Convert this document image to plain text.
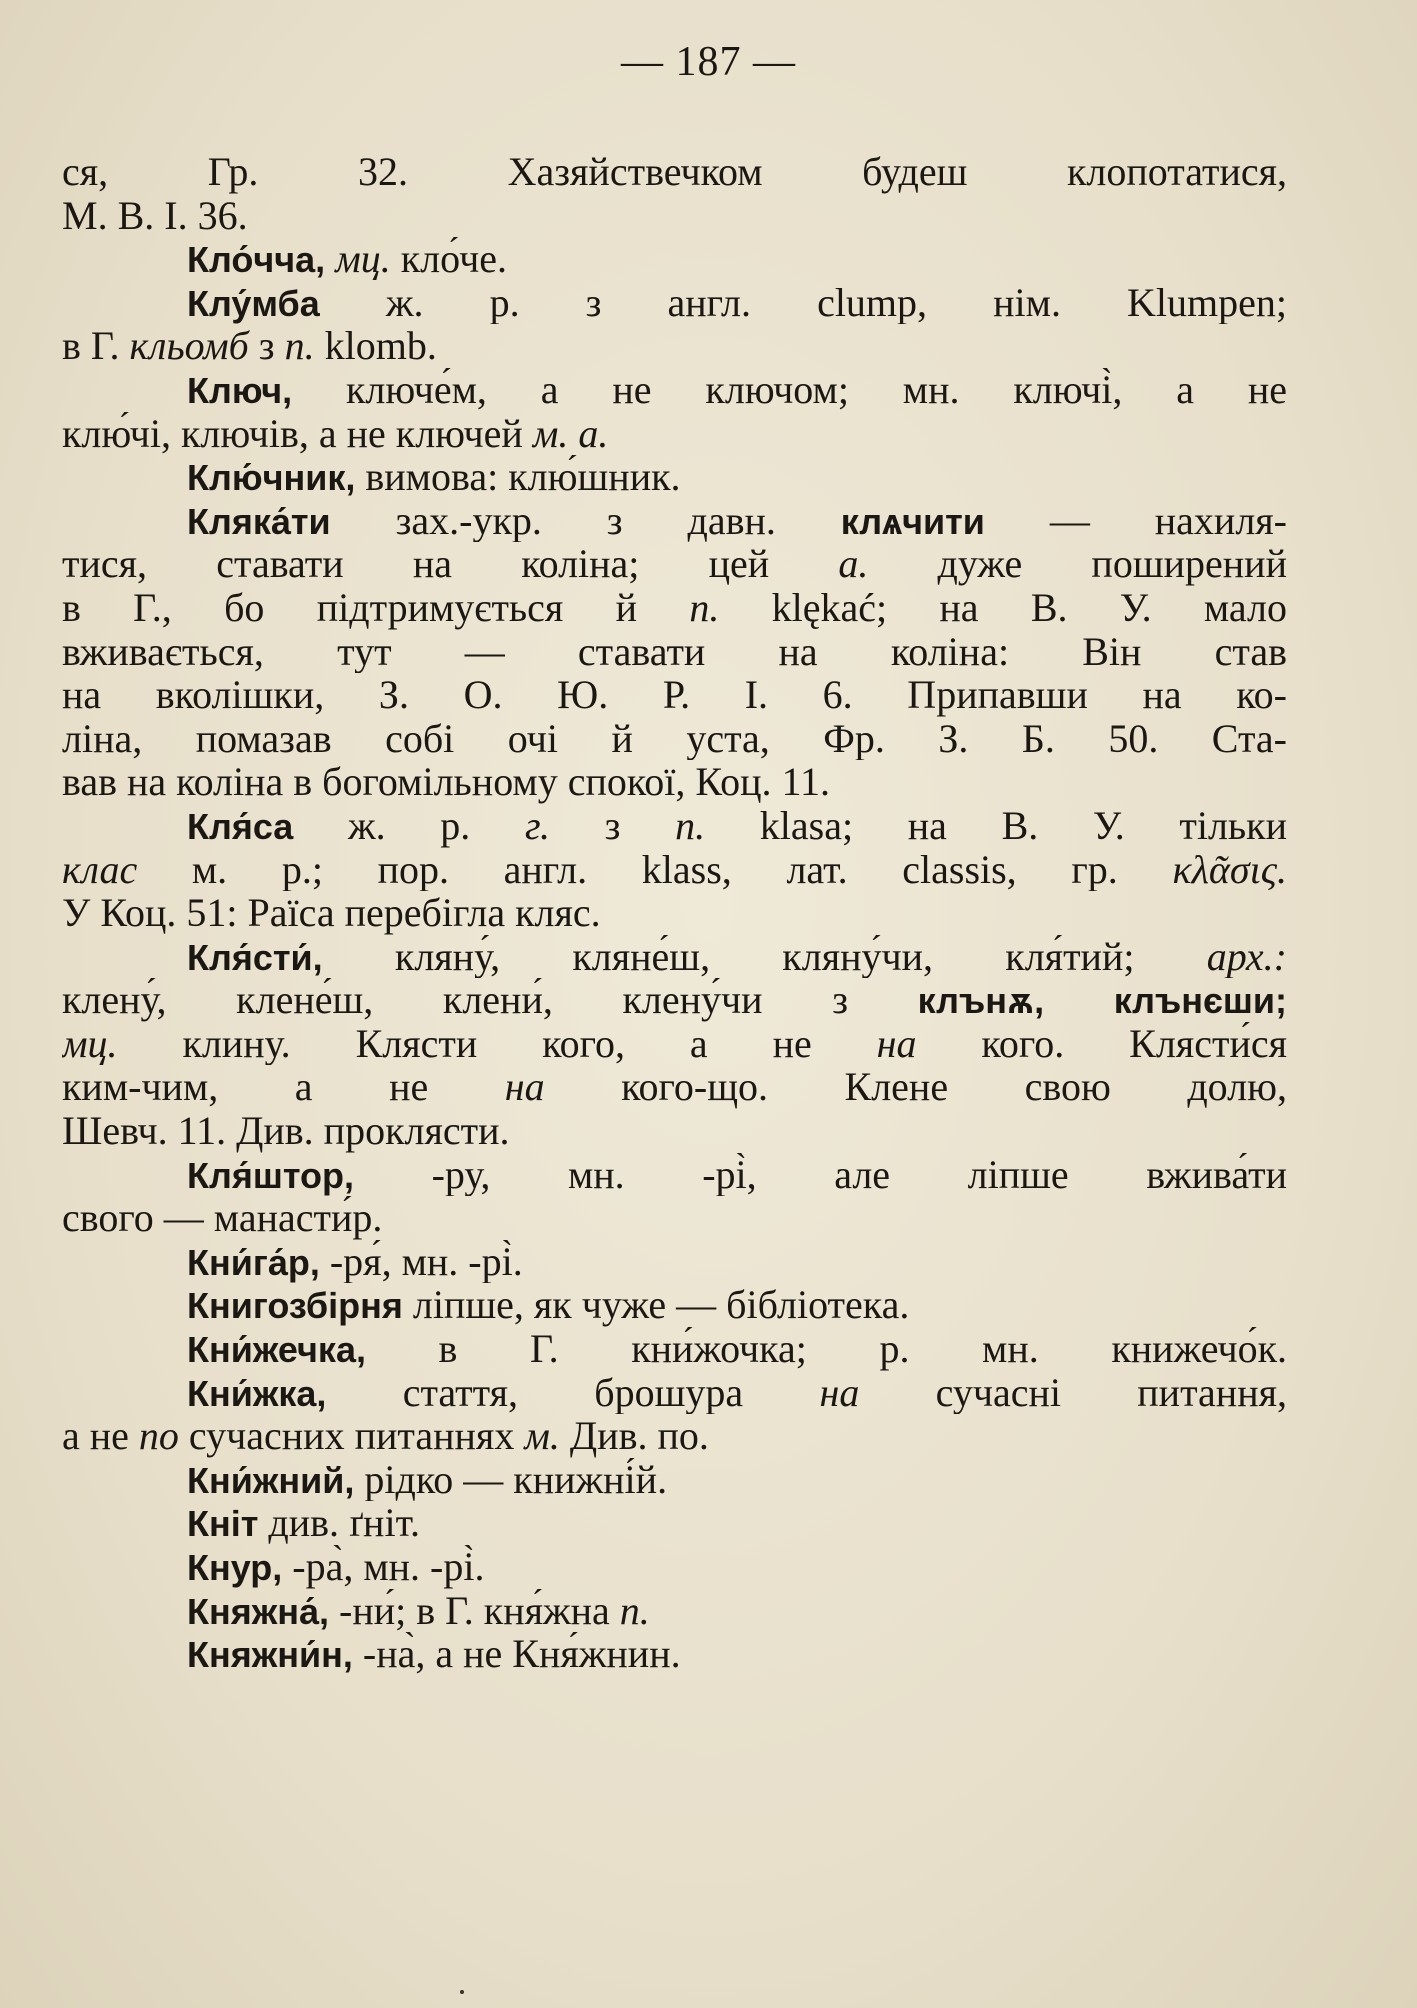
— 187 —
ся, Гр. 32. Хазяйствечком будеш клопотатися,
М. В. І. 36.
Кло́чча, мц. кло́че.
Клу́мба ж. р. з англ. clump, нім. Klumpen;
в Г. кльомб з п. klomb.
Ключ, ключе́м, а не ключом; мн. ключі̀, а не
клю́чі, ключів, а не ключей м. а.
Клю́чник, вимова: клю́шник.
Кляка́ти зах.-укр. з давн. клѧчити — нахиля-
тися, ставати на коліна; цей а. дуже поширений
в Г., бо підтримується й п. klękać; на В. У. мало
вживається, тут — ставати на коліна: Він став
на вколішки, З. О. Ю. Р. І. 6. Припавши на ко-
ліна, помазав собі очі й уста, Фр. З. Б. 50. Ста-
вав на коліна в богомільному спокої, Коц. 11.
Кля́са ж. р. г. з п. klasa; на В. У. тільки
клас м. р.; пор. англ. klass, лат. classis, гр. κλᾶσις.
У Коц. 51: Раїса перебігла кляс.
Кля́сти́, кляну́, кляне́ш, кляну́чи, кля́тий; арх.:
клену́, клене́ш, клени́, клену́чи з клънѫ, клънєши;
мц. клину. Клясти кого, а не на кого. Клясти́ся
ким-чим, а не на кого-що. Клене свою долю,
Шевч. 11. Див. проклясти.
Кля́штор, -ру, мн. -рі̀, але ліпше вжива́ти
свого — манасти́р.
Кни́га́р, -ря́, мн. -рі̀.
Книгозбірня ліпше, як чуже — бібліотека.
Кни́жечка, в Г. кни́жочка; р. мн. книжечо́к.
Кни́жка, стаття, брошура на сучасні питання,
а не по сучасних питаннях м. Див. по.
Кни́жний, рідко — книжні́й.
Кніт див. ґніт.
Кнур, -ра̀, мн. -рі̀.
Княжна́, -ни́; в Г. кня́жна п.
Княжни́н, -на̀, а не Кня́жнин.
